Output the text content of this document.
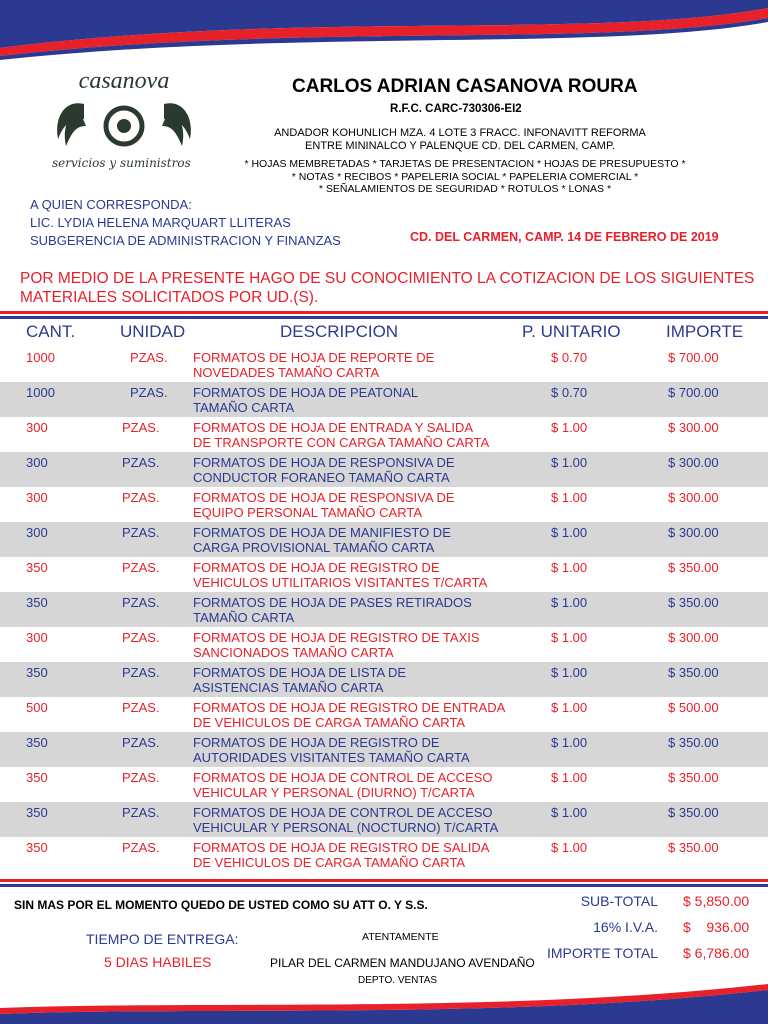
casanova
servicios y suministros
CARLOS ADRIAN CASANOVA ROURA
R.F.C. CARC-730306-EI2
ANDADOR KOHUNLICH MZA. 4 LOTE 3 FRACC. INFONAVITT REFORMA
ENTRE MININALCO Y PALENQUE CD. DEL CARMEN, CAMP.
* HOJAS MEMBRETADAS * TARJETAS DE PRESENTACION * HOJAS DE PRESUPUESTO *
* NOTAS * RECIBOS * PAPELERIA SOCIAL * PAPELERIA COMERCIAL *
* SEÑALAMIENTOS DE SEGURIDAD * ROTULOS * LONAS *
A QUIEN CORRESPONDA:
LIC. LYDIA HELENA MARQUART LLITERAS
SUBGERENCIA DE ADMINISTRACION Y FINANZAS	CD. DEL CARMEN, CAMP. 14 DE FEBRERO DE 2019
POR MEDIO DE LA PRESENTE HAGO DE SU CONOCIMIENTO LA COTIZACION DE LOS SIGUIENTES
MATERIALES SOLICITADOS POR UD.(S).
CANT.	UNIDAD	DESCRIPCION	P. UNITARIO	IMPORTE
1000	PZAS. FORMATOS DE HOJA DE REPORTE DE
NOVEDADES TAMAÑO CARTA
$ 0.70	$ 700.00
1000	PZAS. FORMATOS DE HOJA DE PEATONAL
TAMAÑO CARTA
$ 0.70	$ 700.00
300	PZAS.	FORMATOS DE HOJA DE ENTRADA Y SALIDA
DE TRANSPORTE CON CARGA TAMAÑO CARTA
$ 1.00	$ 300.00
300	PZAS.	FORMATOS DE HOJA DE RESPONSIVA DE
CONDUCTOR FORANEO TAMAÑO CARTA
$ 1.00	$ 300.00
300	PZAS.	FORMATOS DE HOJA DE RESPONSIVA DE
EQUIPO PERSONAL TAMAÑO CARTA
$ 1.00	$ 300.00
300	PZAS.	FORMATOS DE HOJA DE MANIFIESTO DE
CARGA PROVISIONAL TAMAÑO CARTA
$ 1.00	$ 300.00
350	PZAS.	FORMATOS DE HOJA DE REGISTRO DE
VEHICULOS UTILITARIOS VISITANTES T/CARTA
$ 1.00	$ 350.00
350	PZAS.	FORMATOS DE HOJA DE PASES RETIRADOS
TAMAÑO CARTA
$ 1.00	$ 350.00
300	PZAS.	FORMATOS DE HOJA DE REGISTRO DE TAXIS
SANCIONADOS TAMAÑO CARTA
$ 1.00	$ 300.00
350	PZAS.	FORMATOS DE HOJA DE LISTA DE
ASISTENCIAS TAMAÑO CARTA
$ 1.00	$ 350.00
500	PZAS.	FORMATOS DE HOJA DE REGISTRO DE ENTRADA
DE VEHICULOS DE CARGA TAMAÑO CARTA
$ 1.00	$ 500.00
350	PZAS.	FORMATOS DE HOJA DE REGISTRO DE
AUTORIDADES VISITANTES TAMAÑO CARTA
$ 1.00	$ 350.00
350	PZAS.	FORMATOS DE HOJA DE CONTROL DE ACCESO
VEHICULAR Y PERSONAL (DIURNO) T/CARTA
$ 1.00	$ 350.00
350	PZAS.	FORMATOS DE HOJA DE CONTROL DE ACCESO
VEHICULAR Y PERSONAL (NOCTURNO) T/CARTA
$ 1.00	$ 350.00
350	PZAS.	FORMATOS DE HOJA DE REGISTRO DE SALIDA
DE VEHICULOS DE CARGA TAMAÑO CARTA
$ 1.00	$ 350.00
SIN MAS POR EL MOMENTO QUEDO DE USTED COMO SU ATT O. Y S.S.	SUB-TOTAL $ 5,850.00
16% I.V.A. $    936.00
IMPORTE TOTAL $ 6,786.00
TIEMPO DE ENTREGA:
5 DIAS HABILES
ATENTAMENTE
PILAR DEL CARMEN MANDUJANO AVENDAÑO
DEPTO. VENTAS
